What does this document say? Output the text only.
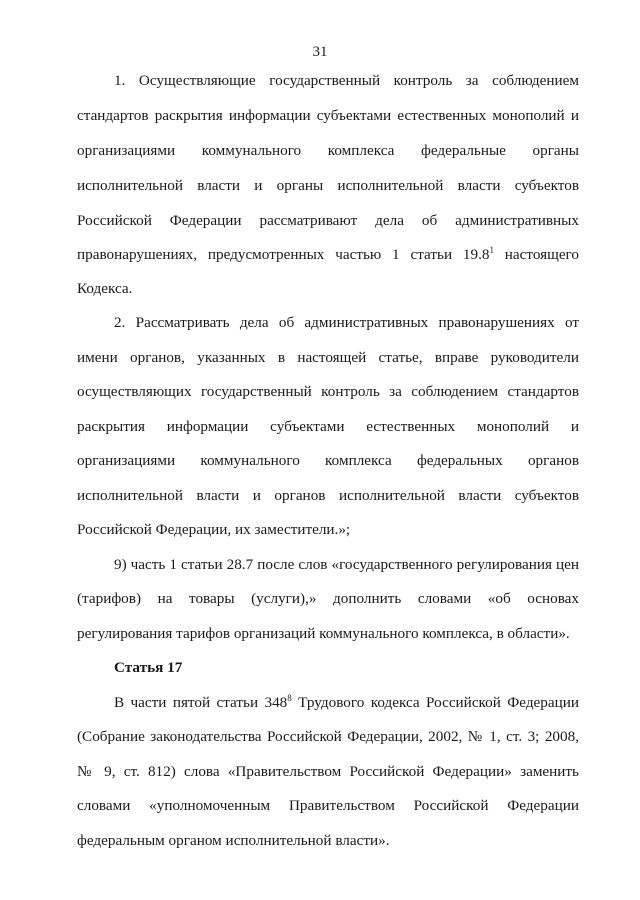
31
1. Осуществляющие государственный контроль за соблюдением
стандартов раскрытия информации субъектами естественных монополий и
организациями коммунального комплекса федеральные органы
исполнительной власти и органы исполнительной власти субъектов
Российской Федерации рассматривают дела об административных
правонарушениях, предусмотренных частью 1 статьи 19.8$^1$ настоящего
Кодекса.
2. Рассматривать дела об административных правонарушениях от
имени органов, указанных в настоящей статье, вправе руководители
осуществляющих государственный контроль за соблюдением стандартов
раскрытия информации субъектами естественных монополий и
организациями коммунального комплекса федеральных органов
исполнительной власти и органов исполнительной власти субъектов
Российской Федерации, их заместители.»;
9) часть 1 статьи 28.7 после слов «государственного регулирования цен
(тарифов) на товары (услуги),» дополнить словами «об основах
регулирования тарифов организаций коммунального комплекса, в области».
Статья 17
В части пятой статьи $348^8$ Трудового кодекса Российской Федерации
(Собрание законодательства Российской Федерации, 2002, № 1, ст. 3; 2008,
№ 9, ст. 812) слова «Правительством Российской Федерации» заменить
словами «уполномоченным Правительством Российской Федерации
федеральным органом исполнительной власти».
